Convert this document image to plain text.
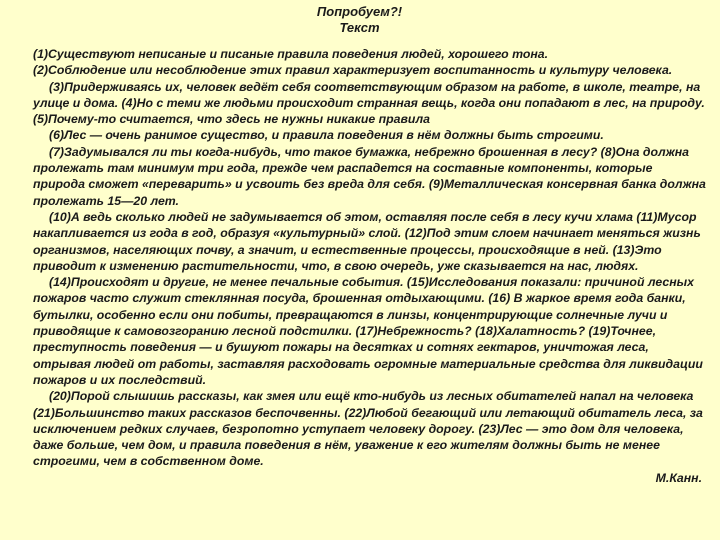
Попробуем?!
Текст

(1)Существуют неписаные и писаные правила поведения людей, хорошего тона.

(2)Соблюдение или несоблюдение этих правил характеризует воспитанность и культуру человека.

(3)Придерживаясь их, человек ведёт себя соответствующим образом на работе, в школе, театре, на улице и дома. (4)Но с теми же людьми происходит странная вещь, когда они попадают в лес, на природу. (5)Почему-то считается, что здесь не нужны никакие правила

(6)Лес — очень ранимое существо, и правила поведения в нём должны быть строгими.

(7)Задумывался ли ты когда-нибудь, что такое бумажка, небрежно брошенная в лесу? (8)Она должна пролежать там минимум три года, прежде чем распадется на составные компоненты, которые природа сможет «переварить» и усвоить без вреда для себя. (9)Металлическая консервная банка должна пролежать 15—20 лет.

(10)А ведь сколько людей не задумывается об этом, оставляя после себя в лесу кучи хлама (11)Мусор накапливается из года в год, образуя «культурный» слой. (12)Под этим слоем начинает меняться жизнь организмов, населяющих почву, а значит, и естественные процессы, происходящие в ней. (13)Это приводит к изменению растительности, что, в свою очередь, уже сказывается на нас, людях.

(14)Происходят и другие, не менее печальные события. (15)Исследования показали: причиной лесных пожаров часто служит стеклянная посуда, брошенная отдыхающими. (16) В жаркое время года банки, бутылки, особенно если они побиты, превращаются в линзы, концентрирующие солнечные лучи и приводящие к самовозгоранию лесной подстилки. (17)Небрежность? (18)Халатность? (19)Точнее, преступность поведения — и бушуют пожары на десятках и сотнях гектаров, уничтожая леса, отрывая людей от работы, заставляя расходовать огромные материальные средства для ликвидации пожаров и их последствий.

(20)Порой слышишь рассказы, как змея или ещё кто-нибудь из лесных обитателей напал на человека (21)Большинство таких рассказов беспочвенны. (22)Любой бегающий или летающий обитатель леса, за исключением редких случаев, безропотно уступает человеку дорогу. (23)Лес — это дом для человека, даже больше, чем дом, и правила поведения в нём, уважение к его жителям должны быть не менее строгими, чем в собственном доме.

М.Канн.
